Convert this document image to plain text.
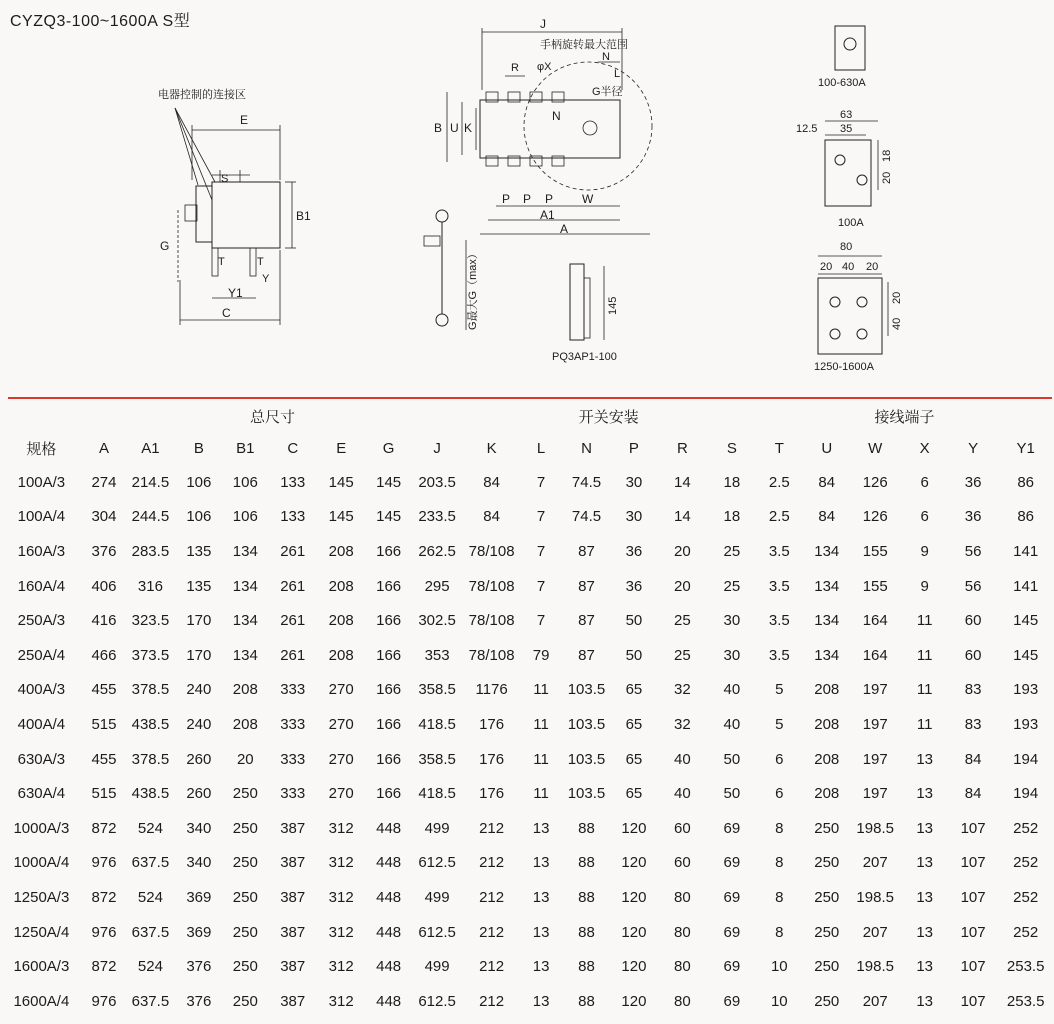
CYZQ3-100~1600A S型
电器控制的连接区
E
S
B1
T	T
Y
G
Y1
C
J
手柄旋转最大范围
R φX
N
L
B U K
N
G半径
P P P W
A1
A
G最大G（max）	145
PQ3AP1-100
100-630A
63
35
12.5
18
20
100A
80
20 40 20
20
40
1250-1600A
	总尺寸								开关安装						接线端子					
规格	A	A1	B	B1	C	E	G	J	K	L	N	P	R	S	T	U	W	X	Y	Y1
100A/3	274	214.5	106	106	133	145	145	203.5	84	7	74.5	30	14	18	2.5	84	126	6	36	86
100A/4	304	244.5	106	106	133	145	145	233.5	84	7	74.5	30	14	18	2.5	84	126	6	36	86
160A/3	376	283.5	135	134	261	208	166	262.5	78/108	7	87	36	20	25	3.5	134	155	9	56	141
160A/4	406	316	135	134	261	208	166	295	78/108	7	87	36	20	25	3.5	134	155	9	56	141
250A/3	416	323.5	170	134	261	208	166	302.5	78/108	7	87	50	25	30	3.5	134	164	11	60	145
250A/4	466	373.5	170	134	261	208	166	353	78/108	79	87	50	25	30	3.5	134	164	11	60	145
400A/3	455	378.5	240	208	333	270	166	358.5	1176	11	103.5	65	32	40	5	208	197	11	83	193
400A/4	515	438.5	240	208	333	270	166	418.5	176	11	103.5	65	32	40	5	208	197	11	83	193
630A/3	455	378.5	260	20	333	270	166	358.5	176	11	103.5	65	40	50	6	208	197	13	84	194
630A/4	515	438.5	260	250	333	270	166	418.5	176	11	103.5	65	40	50	6	208	197	13	84	194
1000A/3	872	524	340	250	387	312	448	499	212	13	88	120	60	69	8	250	198.5	13	107	252
1000A/4	976	637.5	340	250	387	312	448	612.5	212	13	88	120	60	69	8	250	207	13	107	252
1250A/3	872	524	369	250	387	312	448	499	212	13	88	120	80	69	8	250	198.5	13	107	252
1250A/4	976	637.5	369	250	387	312	448	612.5	212	13	88	120	80	69	8	250	207	13	107	252
1600A/3	872	524	376	250	387	312	448	499	212	13	88	120	80	69	10	250	198.5	13	107	253.5
1600A/4	976	637.5	376	250	387	312	448	612.5	212	13	88	120	80	69	10	250	207	13	107	253.5
